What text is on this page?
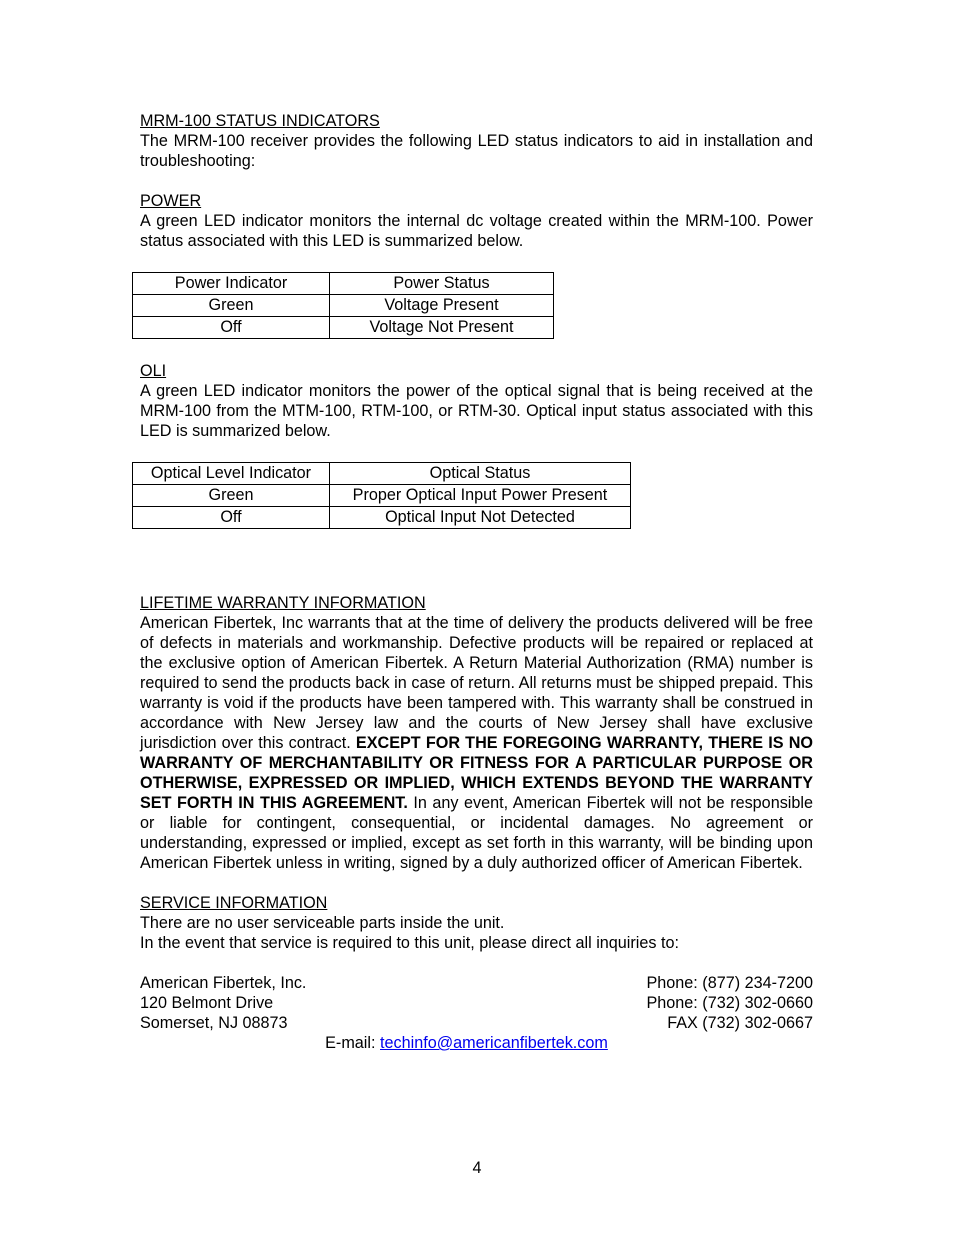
MRM-100 STATUS INDICATORS

The MRM-100 receiver provides the following LED status indicators to aid in installation and troubleshooting:

POWER

A green LED indicator monitors the internal dc voltage created within the MRM-100. Power status associated with this LED is summarized below.

Power Indicator	Power Status
Green	Voltage Present
Off	Voltage Not Present
OLI

A green LED indicator monitors the power of the optical signal that is being received at the MRM-100 from the MTM-100, RTM-100, or RTM-30. Optical input status associated with this LED is summarized below.

Optical Level Indicator	Optical Status
Green	Proper Optical Input Power Present
Off	Optical Input Not Detected
LIFETIME WARRANTY INFORMATION

American Fibertek, Inc warrants that at the time of delivery the products delivered will be free of defects in materials and workmanship. Defective products will be repaired or replaced at the exclusive option of American Fibertek. A Return Material Authorization (RMA) number is required to send the products back in case of return. All returns must be shipped prepaid. This warranty is void if the products have been tampered with. This warranty shall be construed in accordance with New Jersey law and the courts of New Jersey shall have exclusive jurisdiction over this contract. EXCEPT FOR THE FOREGOING WARRANTY, THERE IS NO WARRANTY OF MERCHANTABILITY OR FITNESS FOR A PARTICULAR PURPOSE OR OTHERWISE, EXPRESSED OR IMPLIED, WHICH EXTENDS BEYOND THE WARRANTY SET FORTH IN THIS AGREEMENT. In any event, American Fibertek will not be responsible or liable for contingent, consequential, or incidental damages. No agreement or understanding, expressed or implied, except as set forth in this warranty, will be binding upon American Fibertek unless in writing, signed by a duly authorized officer of American Fibertek.

SERVICE INFORMATION

There are no user serviceable parts inside the unit.

In the event that service is required to this unit, please direct all inquiries to:

American Fibertek, Inc.
120 Belmont Drive
Somerset, NJ 08873
Phone: (877) 234-7200
Phone: (732) 302-0660
FAX (732) 302-0667
E-mail: techinfo@americanfibertek.com
4
